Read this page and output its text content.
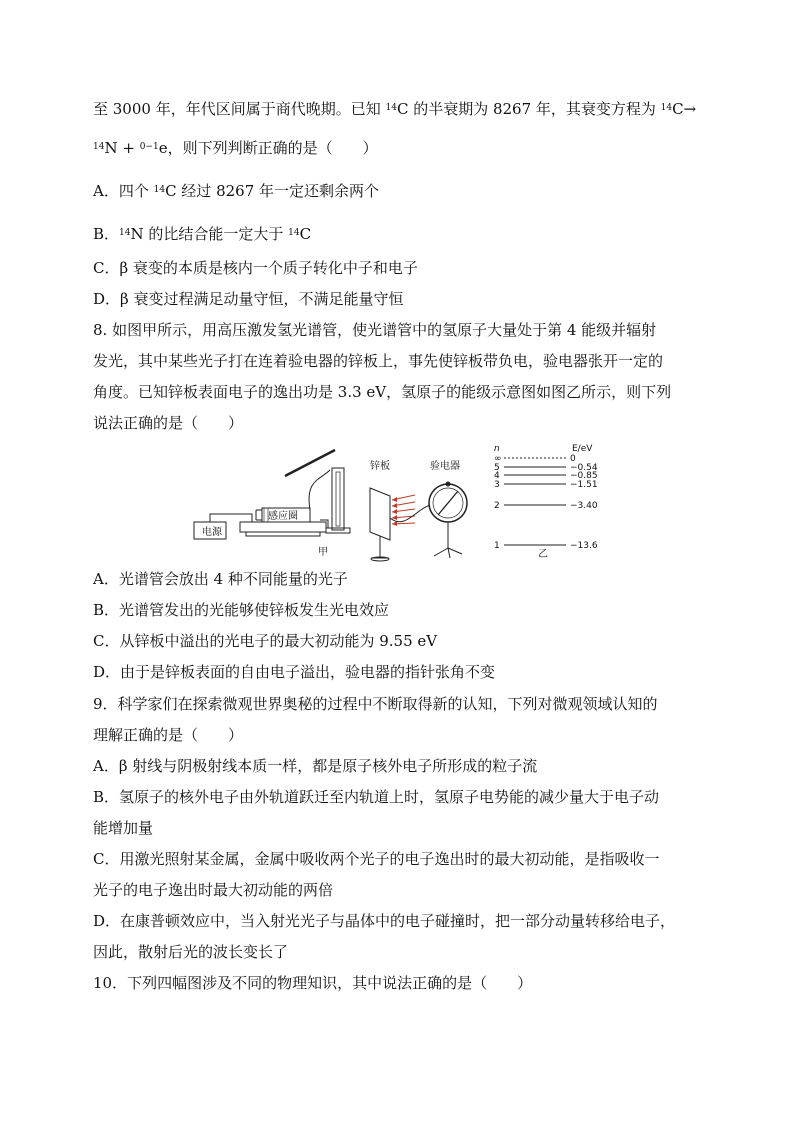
至 3000 年，年代区间属于商代晚期。已知 $^{14}$C 的半衰期为 8267 年，其衰变方程为 $^{14}$C→
$^{14}$N + $^{0-1}$e，则下列判断正确的是（　　）
A．四个 $^{14}$C 经过 8267 年一定还剩余两个
B．$^{14}$N 的比结合能一定大于 $^{14}$C
C．β 衰变的本质是核内一个质子转化中子和电子
D．β 衰变过程满足动量守恒，不满足能量守恒
8. 如图甲所示，用高压激发氢光谱管，使光谱管中的氢原子大量处于第 4 能级并辐射
发光，其中某些光子打在连着验电器的锌板上，事先使锌板带负电，验电器张开一定的
角度。已知锌板表面电子的逸出功是 3.3 eV，氢原子的能级示意图如图乙所示，则下列
说法正确的是（　　）
电源
感应圈
锌板	验电器
甲
∞	0
5	−0.54
4	−0.85
3	−1.51
2	−3.40
1	−13.6
n	E/eV
乙
A．光谱管会放出 4 种不同能量的光子
B．光谱管发出的光能够使锌板发生光电效应
C．从锌板中溢出的光电子的最大初动能为 9.55 eV
D．由于是锌板表面的自由电子溢出，验电器的指针张角不变
9．科学家们在探索微观世界奥秘的过程中不断取得新的认知，下列对微观领域认知的
理解正确的是（　　）
A．β 射线与阴极射线本质一样，都是原子核外电子所形成的粒子流
B．氢原子的核外电子由外轨道跃迁至内轨道上时，氢原子电势能的减少量大于电子动
能增加量
C．用激光照射某金属，金属中吸收两个光子的电子逸出时的最大初动能，是指吸收一
光子的电子逸出时最大初动能的两倍
D．在康普顿效应中，当入射光光子与晶体中的电子碰撞时，把一部分动量转移给电子，
因此，散射后光的波长变长了
10．下列四幅图涉及不同的物理知识，其中说法正确的是（　　）
